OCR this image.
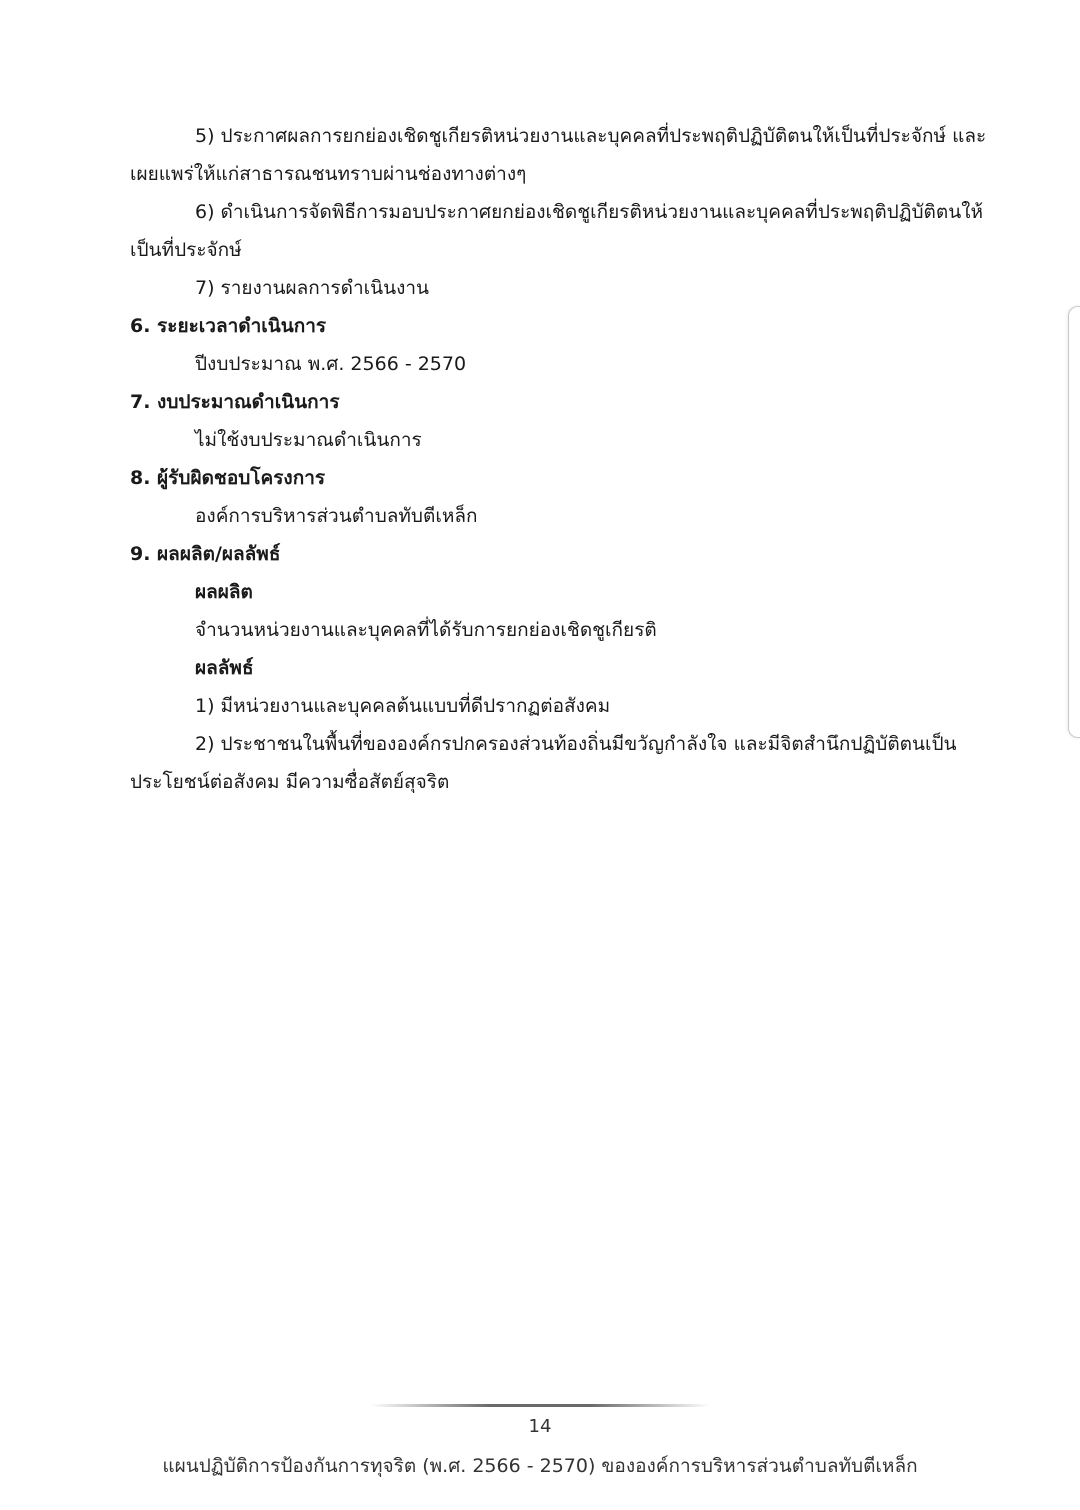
5) ประกาศผลการยกย่องเชิดชูเกียรติหน่วยงานและบุคคลที่ประพฤติปฏิบัติตนให้เป็นที่ประจักษ์ และ
เผยแพร่ให้แก่สาธารณชนทราบผ่านช่องทางต่างๆ
6) ดำเนินการจัดพิธีการมอบประกาศยกย่องเชิดชูเกียรติหน่วยงานและบุคคลที่ประพฤติปฏิบัติตนให้
เป็นที่ประจักษ์
7) รายงานผลการดำเนินงาน
6. ระยะเวลาดำเนินการ
ปีงบประมาณ พ.ศ. 2566 - 2570
7. งบประมาณดำเนินการ
ไม่ใช้งบประมาณดำเนินการ
8. ผู้รับผิดชอบโครงการ
องค์การบริหารส่วนตำบลทับตีเหล็ก
9. ผลผลิต/ผลลัพธ์
ผลผลิต
จำนวนหน่วยงานและบุคคลที่ได้รับการยกย่องเชิดชูเกียรติ
ผลลัพธ์
1) มีหน่วยงานและบุคคลต้นแบบที่ดีปรากฏต่อสังคม
2) ประชาชนในพื้นที่ขององค์กรปกครองส่วนท้องถิ่นมีขวัญกำลังใจ และมีจิตสำนึกปฏิบัติตนเป็น
ประโยชน์ต่อสังคม มีความซื่อสัตย์สุจริต
14
แผนปฏิบัติการป้องกันการทุจริต (พ.ศ. 2566 - 2570) ขององค์การบริหารส่วนตำบลทับตีเหล็ก
